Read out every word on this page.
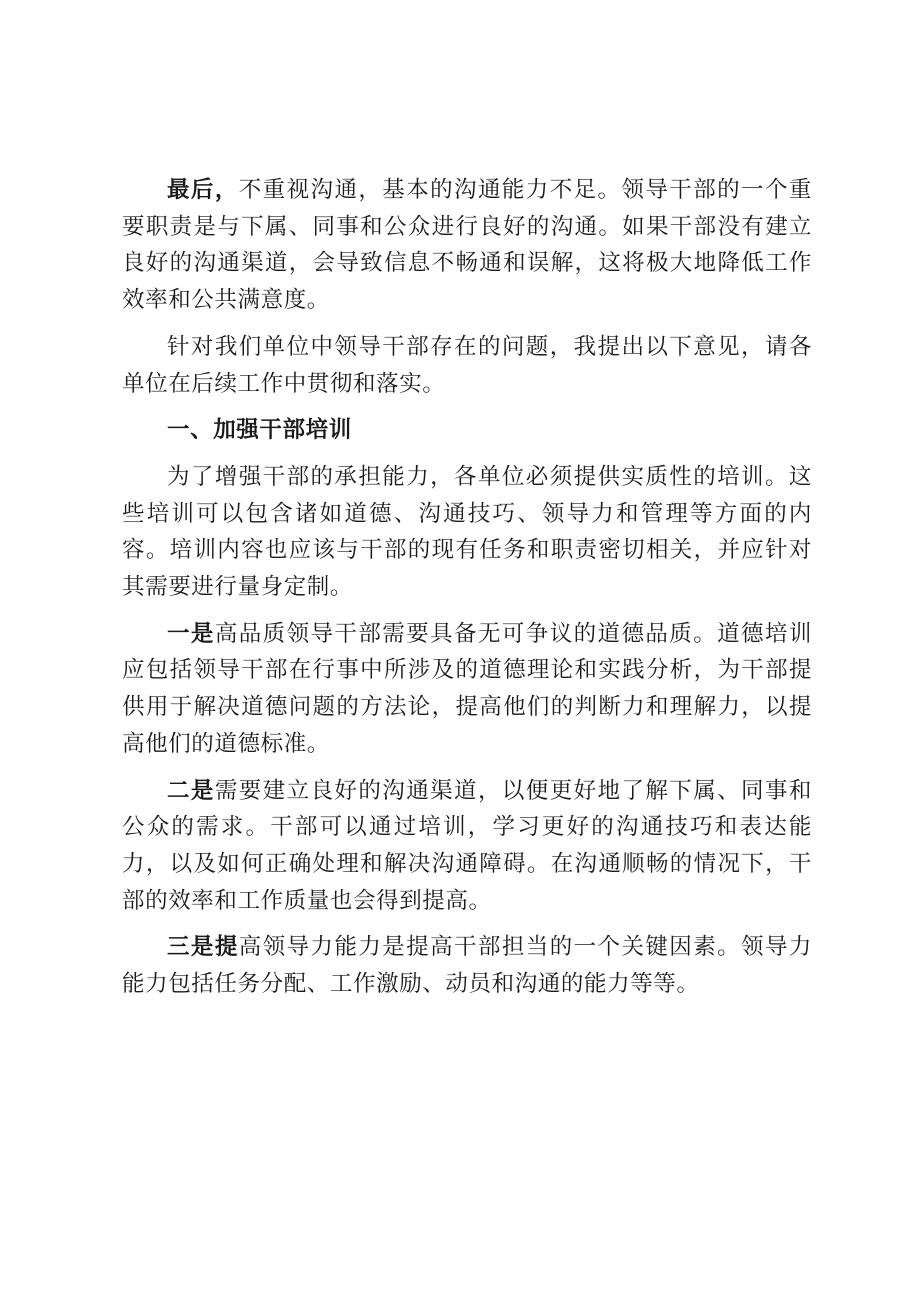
最后，不重视沟通，基本的沟通能力不足。领导干部的一个重要职责是与下属、同事和公众进行良好的沟通。如果干部没有建立良好的沟通渠道，会导致信息不畅通和误解，这将极大地降低工作效率和公共满意度。

针对我们单位中领导干部存在的问题，我提出以下意见，请各单位在后续工作中贯彻和落实。

一、加强干部培训

为了增强干部的承担能力，各单位必须提供实质性的培训。这些培训可以包含诸如道德、沟通技巧、领导力和管理等方面的内容。培训内容也应该与干部的现有任务和职责密切相关，并应针对其需要进行量身定制。

一是高品质领导干部需要具备无可争议的道德品质。道德培训应包括领导干部在行事中所涉及的道德理论和实践分析，为干部提供用于解决道德问题的方法论，提高他们的判断力和理解力，以提高他们的道德标准。

二是需要建立良好的沟通渠道，以便更好地了解下属、同事和公众的需求。干部可以通过培训，学习更好的沟通技巧和表达能力，以及如何正确处理和解决沟通障碍。在沟通顺畅的情况下，干部的效率和工作质量也会得到提高。

三是提高领导力能力是提高干部担当的一个关键因素。领导力能力包括任务分配、工作激励、动员和沟通的能力等等。
